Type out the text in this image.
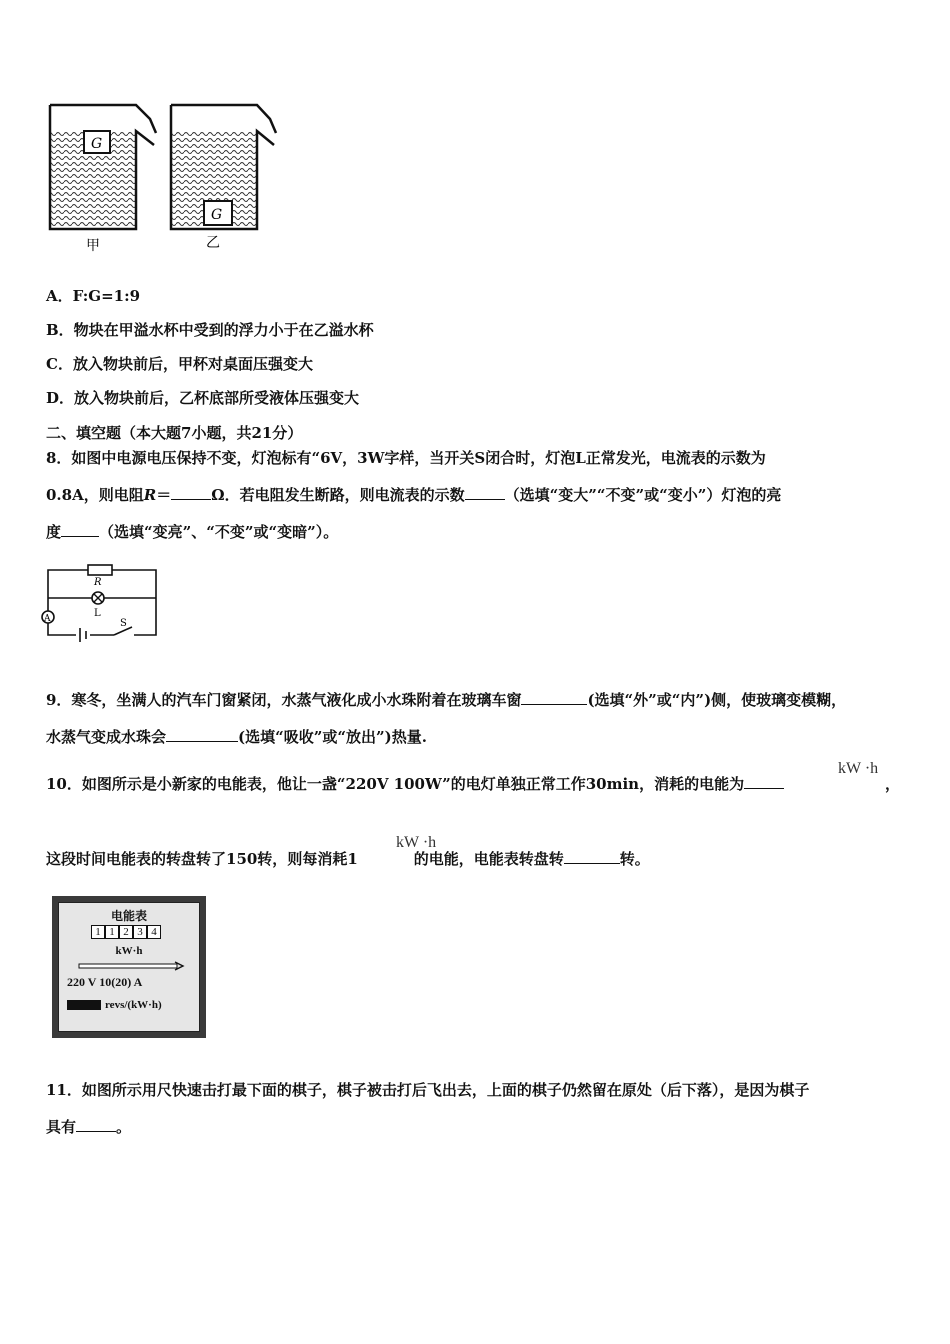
G
甲
G
乙
A．F:G=1:9
B．物块在甲溢水杯中受到的浮力小于在乙溢水杯
C．放入物块前后，甲杯对桌面压强变大
D．放入物块前后，乙杯底部所受液体压强变大
二、填空题（本大题7小题，共21分）
8．如图中电源电压保持不变，灯泡标有“6V，3W字样，当开关S闭合时，灯泡L正常发光，电流表的示数为
0.8A，则电阻R＝	Ω．若电阻发生断路，则电流表的示数	（选填“变大”“不变”或“变小”）灯泡的亮
度	（选填“变亮”、“不变”或“变暗”）。
R
L
A	S
9．寒冬，坐满人的汽车门窗紧闭，水蒸气液化成小水珠附着在玻璃车窗	(选填“外”或“内”)侧，使玻璃变模糊，
水蒸气变成水珠会	(选填“吸收”或“放出”)热量.
10．如图所示是小新家的电能表，他让一盏“220V 100W”的电灯单独正常工作30min，消耗的电能为
kW ·h
，
kW ·h
这段时间电能表的转盘转了150转，则每消耗1	的电能，电能表转盘转	转。
电能表
1 1 2 3 4
kW·h
220 V 10(20) A
revs/(kW·h)
11．如图所示用尺快速击打最下面的棋子，棋子被击打后飞出去，上面的棋子仍然留在原处（后下落），是因为棋子
具有	。
